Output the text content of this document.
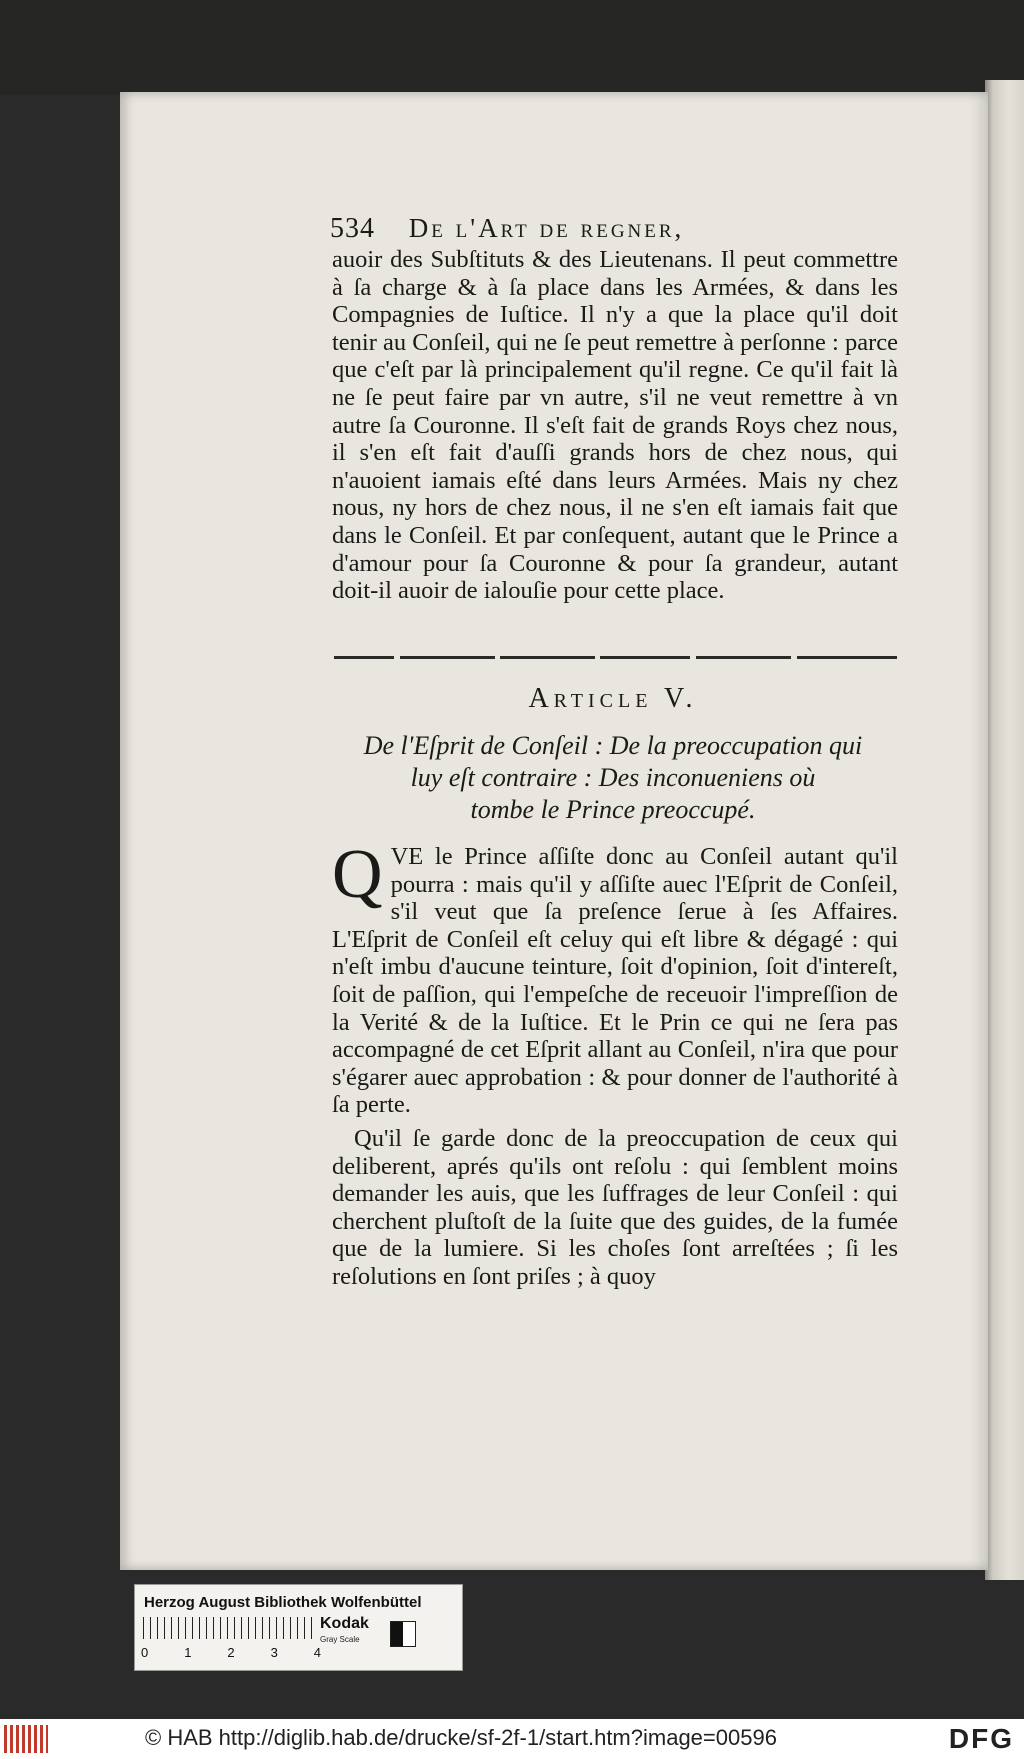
534 De l'Art de regner,

auoir des Subſtituts & des Lieutenans. Il peut commettre à ſa charge & à ſa place dans les Armées, & dans les Compagnies de Iuſtice. Il n'y a que la place qu'il doit tenir au Conſeil, qui ne ſe peut remettre à perſonne : parce que c'eſt par là principalement qu'il regne. Ce qu'il fait là ne ſe peut faire par vn autre, s'il ne veut remettre à vn autre ſa Couronne. Il s'eſt fait de grands Roys chez nous, il s'en eſt fait d'auſſi grands hors de chez nous, qui n'auoient iamais eſté dans leurs Armées. Mais ny chez nous, ny hors de chez nous, il ne s'en eſt iamais fait que dans le Conſeil. Et par conſequent, autant que le Prince a d'amour pour ſa Couronne & pour ſa grandeur, autant doit-il auoir de ialouſie pour cette place.

Article V.
De l'Eſprit de Conſeil : De la preoccupation qui
luy eſt contraire : Des inconueniens où
tombe le Prince preoccupé.
Q VE le Prince aſſiſte donc au Conſeil autant qu'il pourra : mais qu'il y aſſiſte auec l'Eſprit de Conſeil, s'il veut que ſa preſence ſerue à ſes Affaires. L'Eſprit de Conſeil eſt celuy qui eſt libre & dégagé : qui n'eſt imbu d'aucune teinture, ſoit d'opinion, ſoit d'intereſt, ſoit de paſſion, qui l'empeſche de receuoir l'impreſſion de la Verité & de la Iuſtice. Et le Prin ce qui ne ſera pas accompagné de cet Eſprit allant au Conſeil, n'ira que pour s'égarer auec approbation : & pour donner de l'authorité à ſa perte.
Qu'il ſe garde donc de la preoccupation de ceux qui deliberent, aprés qu'ils ont reſolu : qui ſemblent moins demander les auis, que les ſuffrages de leur Conſeil : qui cherchent pluſtoſt de la ſuite que des guides, de la fumée que de la lumiere. Si les choſes ſont arreſtées ; ſi les reſolutions en ſont priſes ; à quoy
Herzog August Bibliothek Wolfenbüttel
0	1	2	3	4
Kodak
Gray Scale
© HAB http://diglib.hab.de/drucke/sf-2f-1/start.htm?image=00596	DFG
